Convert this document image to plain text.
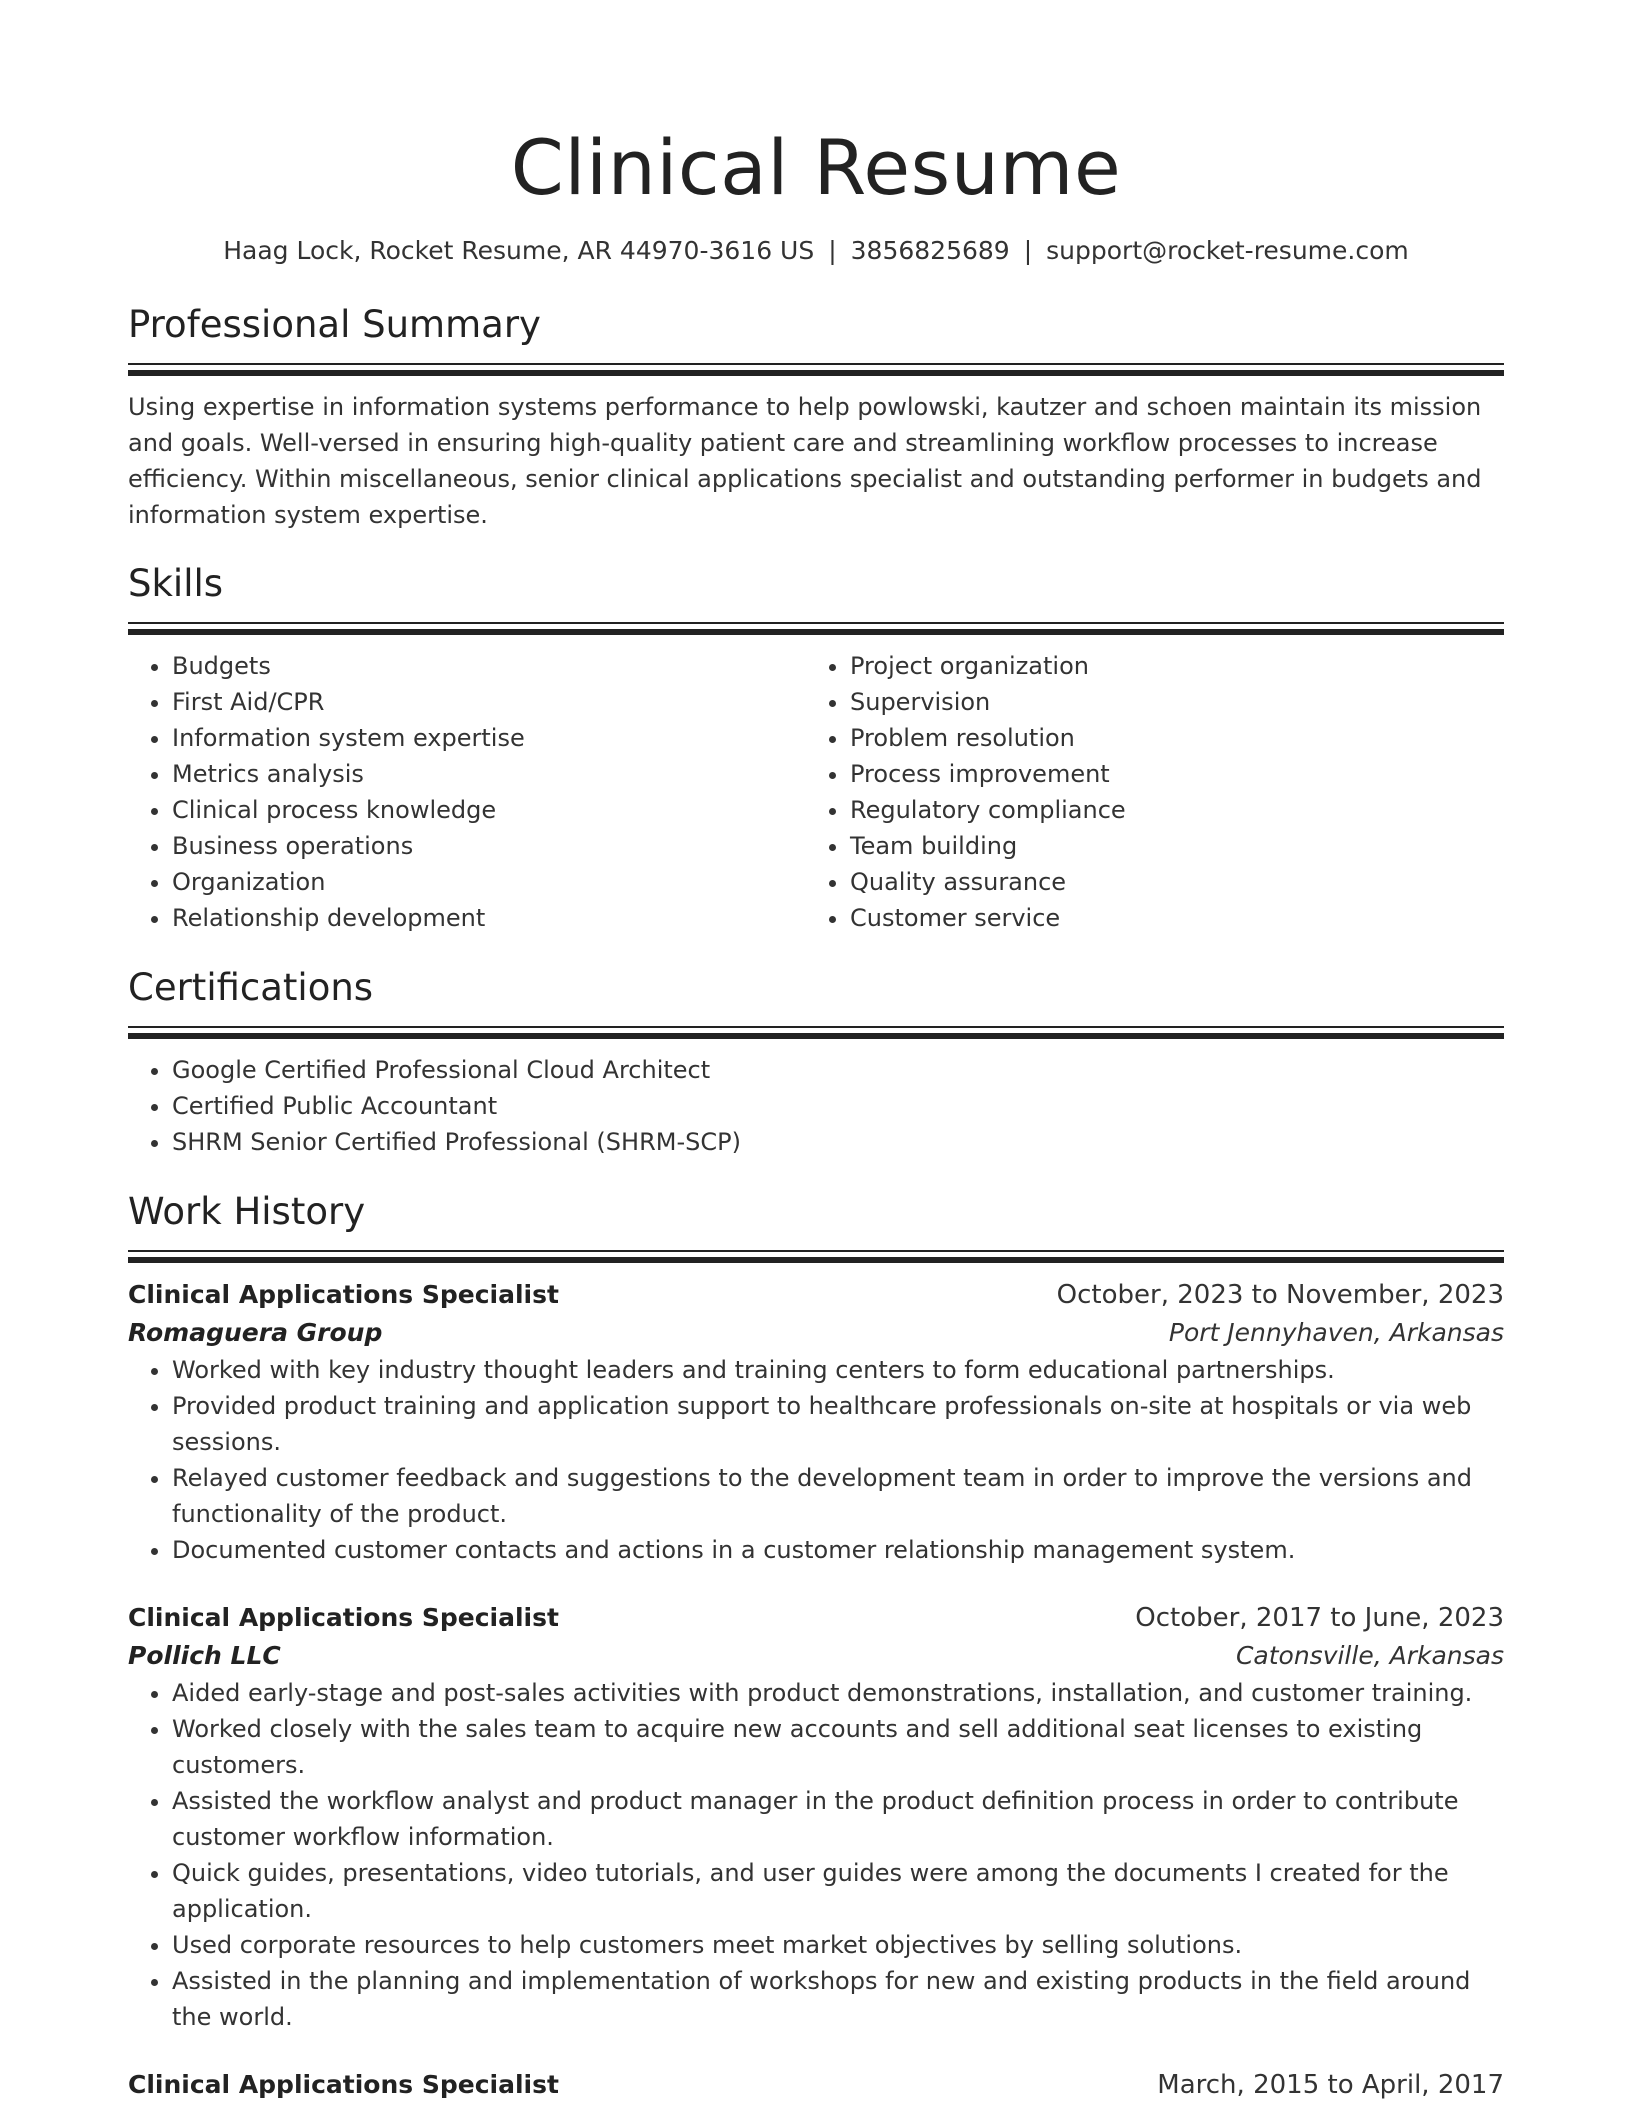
Clinical Resume
Haag Lock, Rocket Resume, AR 44970-3616 US | 3856825689 | support@rocket-resume.com
Professional Summary
Using expertise in information systems performance to help powlowski, kautzer and schoen maintain its mission and goals. Well-versed in ensuring high-quality patient care and streamlining workflow processes to increase efficiency. Within miscellaneous, senior clinical applications specialist and outstanding performer in budgets and information system expertise.
Skills
• Budgets
• First Aid/CPR
• Information system expertise
• Metrics analysis
• Clinical process knowledge
• Business operations
• Organization
• Relationship development
• Project organization
• Supervision
• Problem resolution
• Process improvement
• Regulatory compliance
• Team building
• Quality assurance
• Customer service
Certifications
• Google Certified Professional Cloud Architect
• Certified Public Accountant
• SHRM Senior Certified Professional (SHRM-SCP)
Work History
Clinical Applications Specialist	October, 2023 to November, 2023
Romaguera Group	Port Jennyhaven, Arkansas
• Worked with key industry thought leaders and training centers to form educational partnerships.
• Provided product training and application support to healthcare professionals on-site at hospitals or via web sessions.
• Relayed customer feedback and suggestions to the development team in order to improve the versions and functionality of the product.
• Documented customer contacts and actions in a customer relationship management system.
Clinical Applications Specialist	October, 2017 to June, 2023
Pollich LLC	Catonsville, Arkansas
• Aided early-stage and post-sales activities with product demonstrations, installation, and customer training.
• Worked closely with the sales team to acquire new accounts and sell additional seat licenses to existing customers.
• Assisted the workflow analyst and product manager in the product definition process in order to contribute customer workflow information.
• Quick guides, presentations, video tutorials, and user guides were among the documents I created for the application.
• Used corporate resources to help customers meet market objectives by selling solutions.
• Assisted in the planning and implementation of workshops for new and existing products in the field around the world.
Clinical Applications Specialist	March, 2015 to April, 2017
